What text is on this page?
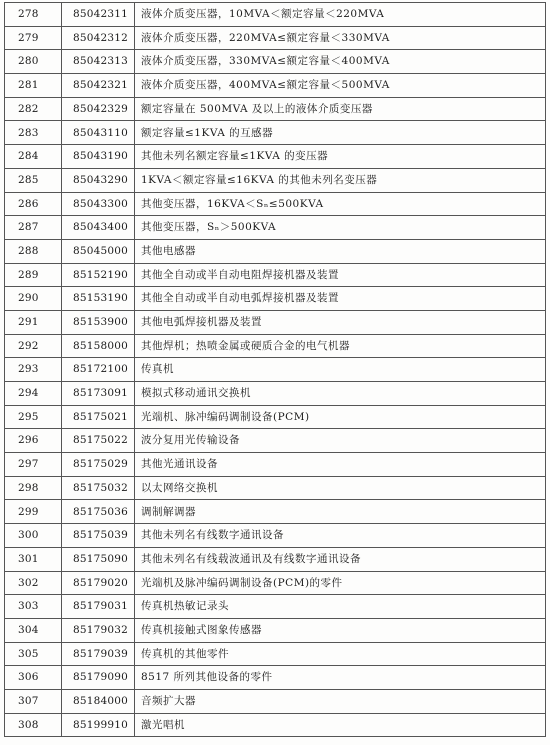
278	85042311	液体介质变压器，10MVA＜额定容量＜220MVA
279	85042312	液体介质变压器，220MVA≤额定容量＜330MVA
280	85042313	液体介质变压器，330MVA≤额定容量＜400MVA
281	85042321	液体介质变压器，400MVA≤额定容量＜500MVA
282	85042329	额定容量在 500MVA 及以上的液体介质变压器
283	85043110	额定容量≤1KVA 的互感器
284	85043190	其他未列名额定容量≤1KVA 的变压器
285	85043290	1KVA＜额定容量≤16KVA 的其他未列名变压器
286	85043300	其他变压器，16KVA＜Sₙ≤500KVA
287	85043400	其他变压器，Sₙ＞500KVA
288	85045000	其他电感器
289	85152190	其他全自动或半自动电阻焊接机器及装置
290	85153190	其他全自动或半自动电弧焊接机器及装置
291	85153900	其他电弧焊接机器及装置
292	85158000	其他焊机；热喷金属或硬质合金的电气机器
293	85172100	传真机
294	85173091	模拟式移动通讯交换机
295	85175021	光端机、脉冲编码调制设备(PCM)
296	85175022	波分复用光传输设备
297	85175029	其他光通讯设备
298	85175032	以太网络交换机
299	85175036	调制解调器
300	85175039	其他未列名有线数字通讯设备
301	85175090	其他未列名有线载波通讯及有线数字通讯设备
302	85179020	光端机及脉冲编码调制设备(PCM)的零件
303	85179031	传真机热敏记录头
304	85179032	传真机接触式图象传感器
305	85179039	传真机的其他零件
306	85179090	8517 所列其他设备的零件
307	85184000	音频扩大器
308	85199910	激光唱机
